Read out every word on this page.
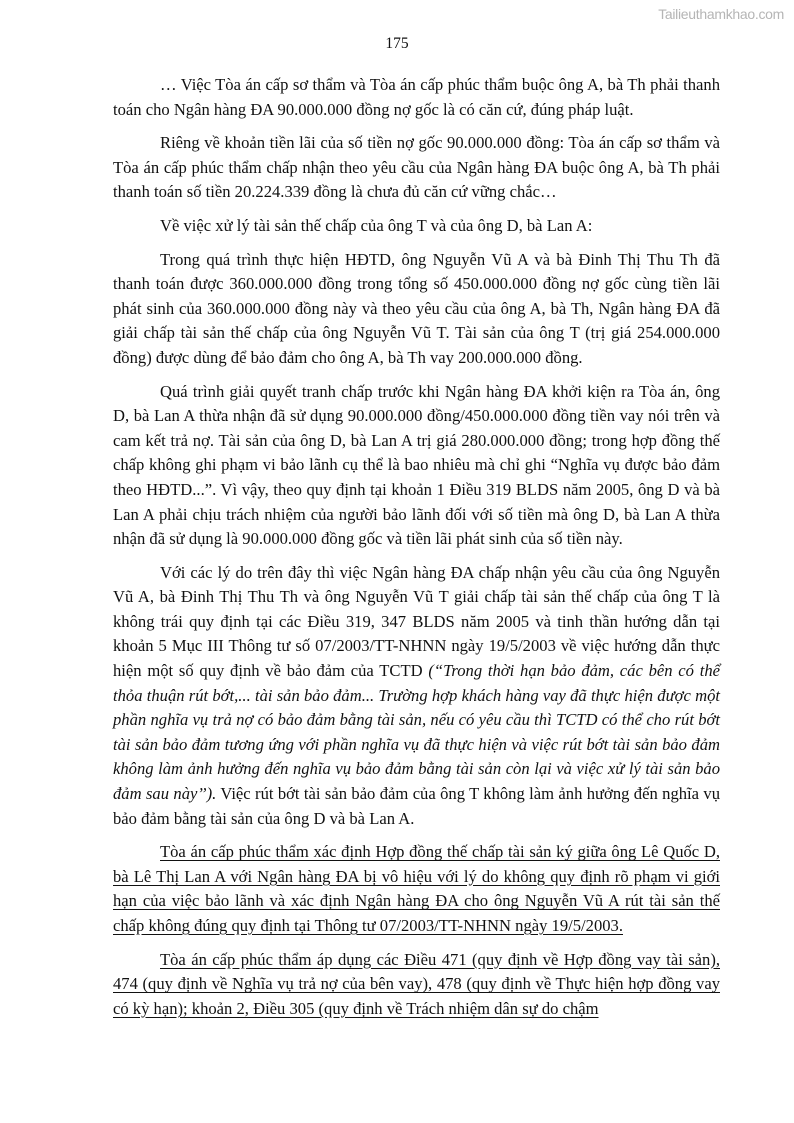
Tailieuthamkhao.com
175

… Việc Tòa án cấp sơ thẩm và Tòa án cấp phúc thẩm buộc ông A, bà Th phải thanh toán cho Ngân hàng ĐA 90.000.000 đồng nợ gốc là có căn cứ, đúng pháp luật.

Riêng về khoản tiền lãi của số tiền nợ gốc 90.000.000 đồng: Tòa án cấp sơ thẩm và Tòa án cấp phúc thẩm chấp nhận theo yêu cầu của Ngân hàng ĐA buộc ông A, bà Th phải thanh toán số tiền 20.224.339 đồng là chưa đủ căn cứ vững chắc…

Về việc xử lý tài sản thế chấp của ông T và của ông D, bà Lan A:

Trong quá trình thực hiện HĐTD, ông Nguyễn Vũ A và bà Đinh Thị Thu Th đã thanh toán được 360.000.000 đồng trong tổng số 450.000.000 đồng nợ gốc cùng tiền lãi phát sinh của 360.000.000 đồng này và theo yêu cầu của ông A, bà Th, Ngân hàng ĐA đã giải chấp tài sản thế chấp của ông Nguyễn Vũ T. Tài sản của ông T (trị giá 254.000.000 đồng) được dùng để bảo đảm cho ông A, bà Th vay 200.000.000 đồng.

Quá trình giải quyết tranh chấp trước khi Ngân hàng ĐA khởi kiện ra Tòa án, ông D, bà Lan A thừa nhận đã sử dụng 90.000.000 đồng/450.000.000 đồng tiền vay nói trên và cam kết trả nợ. Tài sản của ông D, bà Lan A trị giá 280.000.000 đồng; trong hợp đồng thế chấp không ghi phạm vi bảo lãnh cụ thể là bao nhiêu mà chỉ ghi “Nghĩa vụ được bảo đảm theo HĐTD...”. Vì vậy, theo quy định tại khoản 1 Điều 319 BLDS năm 2005, ông D và bà Lan A phải chịu trách nhiệm của người bảo lãnh đối với số tiền mà ông D, bà Lan A thừa nhận đã sử dụng là 90.000.000 đồng gốc và tiền lãi phát sinh của số tiền này.

Với các lý do trên đây thì việc Ngân hàng ĐA chấp nhận yêu cầu của ông Nguyễn Vũ A, bà Đinh Thị Thu Th và ông Nguyễn Vũ T giải chấp tài sản thế chấp của ông T là không trái quy định tại các Điều 319, 347 BLDS năm 2005 và tinh thần hướng dẫn tại khoản 5 Mục III Thông tư số 07/2003/TT-NHNN ngày 19/5/2003 về việc hướng dẫn thực hiện một số quy định về bảo đảm của TCTD (“Trong thời hạn bảo đảm, các bên có thể thỏa thuận rút bớt,... tài sản bảo đảm... Trường hợp khách hàng vay đã thực hiện được một phần nghĩa vụ trả nợ có bảo đảm bằng tài sản, nếu có yêu cầu thì TCTD có thể cho rút bớt tài sản bảo đảm tương ứng với phần nghĩa vụ đã thực hiện và việc rút bớt tài sản bảo đảm không làm ảnh hưởng đến nghĩa vụ bảo đảm bằng tài sản còn lại và việc xử lý tài sản bảo đảm sau này’’). Việc rút bớt tài sản bảo đảm của ông T không làm ảnh hưởng đến nghĩa vụ bảo đảm bằng tài sản của ông D và bà Lan A.

Tòa án cấp phúc thẩm xác định Hợp đồng thế chấp tài sản ký giữa ông Lê Quốc D, bà Lê Thị Lan A với Ngân hàng ĐA bị vô hiệu với lý do không quy định rõ phạm vi giới hạn của việc bảo lãnh và xác định Ngân hàng ĐA cho ông Nguyễn Vũ A rút tài sản thế chấp không đúng quy định tại Thông tư 07/2003/TT-NHNN ngày 19/5/2003.

Tòa án cấp phúc thẩm áp dụng các Điều 471 (quy định về Hợp đồng vay tài sản), 474 (quy định về Nghĩa vụ trả nợ của bên vay), 478 (quy định về Thực hiện hợp đồng vay có kỳ hạn); khoản 2, Điều 305 (quy định về Trách nhiệm dân sự do chậm
